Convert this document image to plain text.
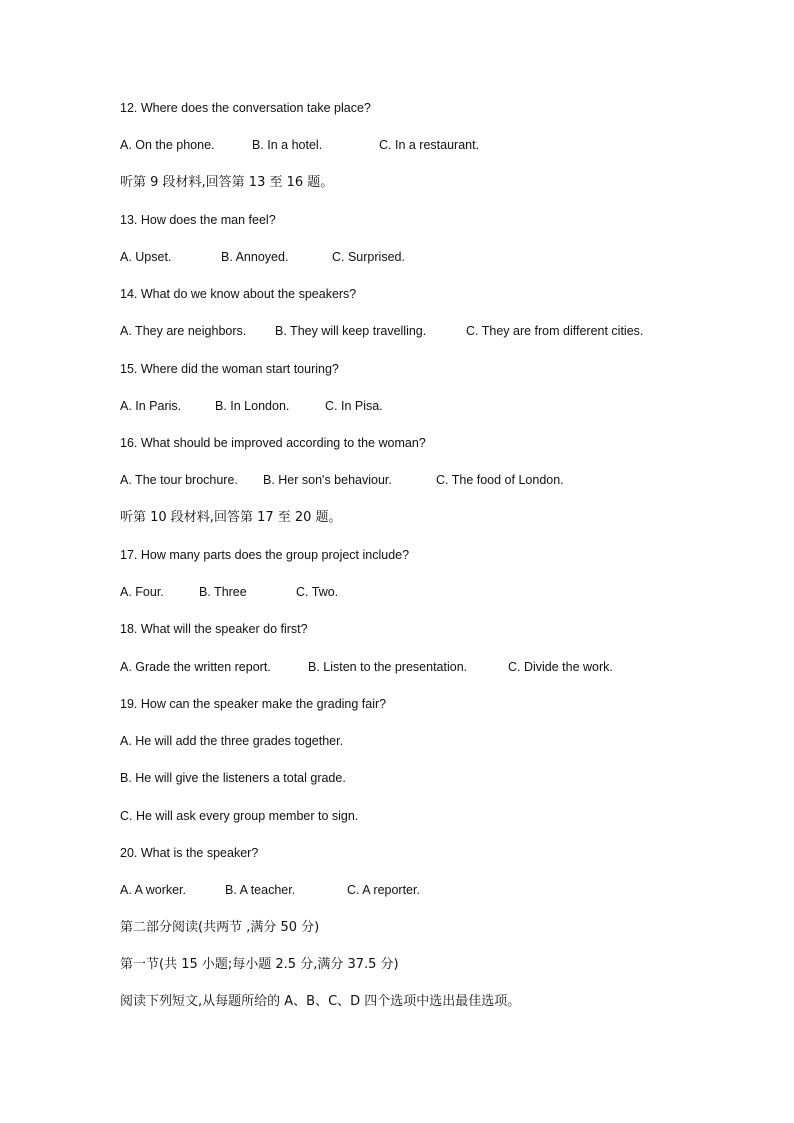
12. Where does the conversation take place?
A. On the phone.	B. In a hotel.	C. In a restaurant.
听第 9 段材料,回答第 13 至 16 题。
13. How does the man feel?
A. Upset.	B. Annoyed.	C. Surprised.
14. What do we know about the speakers?
A. They are neighbors. B. They will keep travelling.	C. They are from different cities.
15. Where did the woman start touring?
A. In Paris.	B. In London.	C. In Pisa.
16. What should be improved according to the woman?
A. The tour brochure. B. Her son's behaviour.	C. The food of London.
听第 10 段材料,回答第 17 至 20 题。
17. How many parts does the group project include?
A. Four.	B. Three	C. Two.
18. What will the speaker do first?
A. Grade the written report.	B. Listen to the presentation.	C. Divide the work.
19. How can the speaker make the grading fair?
A. He will add the three grades together.
B. He will give the listeners a total grade.
C. He will ask every group member to sign.
20. What is the speaker?
A. A worker.	B. A teacher.	C. A reporter.
第二部分阅读(共两节 ,满分 50 分)
第一节(共 15 小题;每小题 2.5 分,满分 37.5 分)
阅读下列短文,从每题所给的 A、B、C、D 四个选项中选出最佳选项。
